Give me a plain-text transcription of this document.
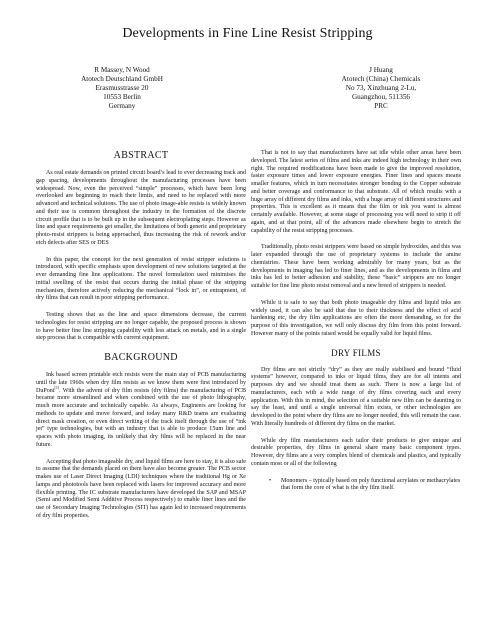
Developments in Fine Line Resist Stripping
R Massey, N Wood
Atotech Deutschland GmbH
Erasmusstrasse 20
10553 Berlin
Germany
J Huang
Atotech (China) Chemicals
No 73, Xinzhuang 2-Lu,
Guangzhou, 511356
PRC
ABSTRACT

As real estate demands on printed circuit board’s lead to ever decreasing track and gap spacing, developments throughout the manufacturing processes have been widespread. Now, even the perceived “simple” processes, which have been long overlooked are beginning to reach their limits, and need to be replaced with more advanced and technical solutions. The use of photo image-able resists is widely known and their use is common throughout the industry in the formation of the discrete circuit profile that is to be built up in the subsequent electroplating steps. However as line and space requirements get smaller, the limitations of both generic and proprietary photo-resist strippers is being approached, thus increasing the risk of rework and/or etch defects after SES or DES

In this paper, the concept for the next generation of resist stripper solutions is introduced, with specific emphasis upon development of new solutions targeted at the ever demanding fine line applications. The novel formulation used minimises the initial swelling of the resist that occurs during the initial phase of the stripping mechanism, therefore actively reducing the mechanical “lock in”, or entrapment, of dry films that can result in poor stripping performance.

Testing shows that as the line and space dimensions decrease, the current technologies for resist stripping are no longer capable, the proposed process is shown to have better fine line stripping capability with less attack on metals, and in a single step process that is compatible with current equipment.

BACKGROUND

Ink based screen printable etch resists were the main stay of PCB manufacturing until the late 1960s when dry film resists as we know them were first introduced by DuPont[1]. With the advent of dry film resists (dry films) the manufacturing of PCB became more streamlined and when combined with the use of photo lithography, much more accurate and technically capable. As always, Engineers are looking for methods to update and move forward, and today many R&D teams are evaluating direct mask creation, or even direct writing of the track itself through the use of “ink jet” type technologies, but with an industry that is able to produce 15um line and spaces with photo imaging, its unlikely that dry films will be replaced in the near future.

Accepting that photo imageable dry, and liquid films are here to stay, it is also safe to assume that the demands placed on them have also become greater. The PCB sector makes use of Laser Direct Imaging (LDI) techniques where the traditional Hg or Xe lamps and phototools have been replaced with lasers for improved accuracy and more flexible printing. The IC substrate manufacturers have developed the SAP and MSAP (Semi and Modified Semi Additive Process respectively) to enable finer lines and the use of Secondary Imaging Technologies (SIT) has again led to increased requirements of dry film properties.

That is not to say that manufacturers have sat idle while other areas have been developed. The latest series of films and inks are indeed high technology in their own right. The required modifications have been made to give the improved resolution, faster exposure times and lower exposure energies. Finer lines and spaces means smaller features, which in turn necessitates stronger bonding to the Copper substrate and better coverage and conformance to that substrate. All of which results with a huge array of different dry films and inks, with a huge array of different structures and properties. This is excellent as it means that the film or ink you want is almost certainly available. However, at some stage of processing you will need to strip it off again, and at that point, all of the advances made elsewhere begin to stretch the capability of the resist stripping processes.

Traditionally, photo resist strippers were based on simple hydroxides, and this was later expanded through the use of proprietary systems to include the amine chemistries. These have been working admirably for many years, but as the developments in imaging has led to finer lines, and as the developments in films and inks has led to better adhesion and stability, these “basic” strippers are no longer suitable for fine line photo resist removal and a new breed of strippers is needed.

While it is safe to say that both photo imageable dry films and liquid inks are widely used, it can also be said that due to their thickness and the effect of acid hardening etc, the dry film applications are often the more demanding, so for the purpose of this investigation, we will only discuss dry film from this point forward. However many of the points raised would be equally valid for liquid films.

DRY FILMS

Dry films are not strictly “dry” as they are really stabilised and bound “fluid systems” however, compared to inks or liquid films, they are for all intents and purposes dry and we should treat them as such. There is now a large list of manufacturers, each with a wide range of dry films covering each and every application. With this in mind, the selection of a suitable new film can be daunting to say the least, and until a single universal film exists, or other technologies are developed to the point where dry films are no longer needed, this will remain the case. With literally hundreds of different dry films on the market.

While dry film manufacturers each tailor their products to give unique and desirable properties, dry films in general share many basic component types. However, dry films are a very complex blend of chemicals and plastics, and typically contain most or all of the following

• Monomers – typically based on poly functional acrylates or methacrylates that form the core of what is the dry film itself.
